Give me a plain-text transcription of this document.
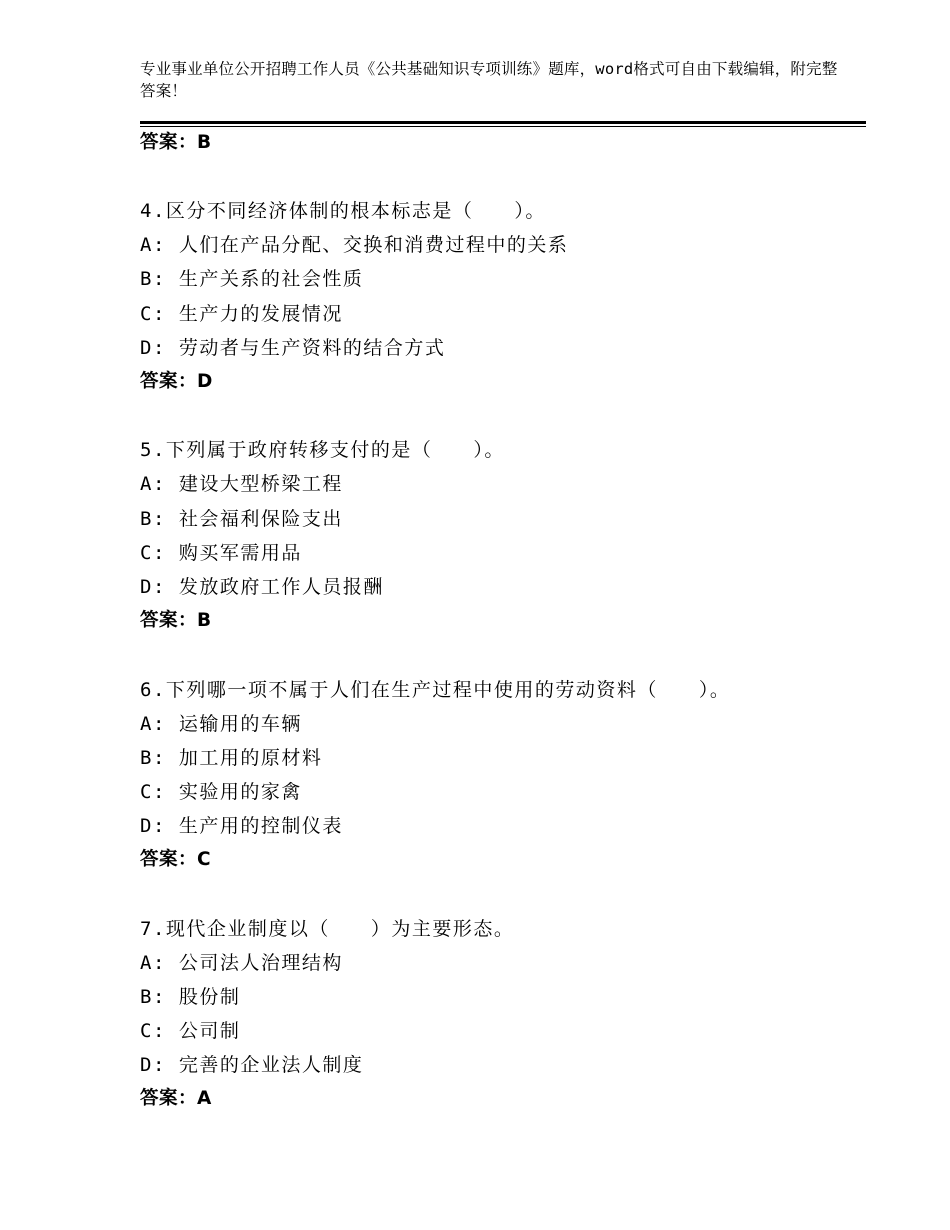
专业事业单位公开招聘工作人员《公共基础知识专项训练》题库，word格式可自由下载编辑，附完整答案！
答案：B
4.区分不同经济体制的根本标志是（　　）。
A: 人们在产品分配、交换和消费过程中的关系
B: 生产关系的社会性质
C: 生产力的发展情况
D: 劳动者与生产资料的结合方式
答案：D
5.下列属于政府转移支付的是（　　）。
A: 建设大型桥梁工程
B: 社会福利保险支出
C: 购买军需用品
D: 发放政府工作人员报酬
答案：B
6.下列哪一项不属于人们在生产过程中使用的劳动资料（　　）。
A: 运输用的车辆
B: 加工用的原材料
C: 实验用的家禽
D: 生产用的控制仪表
答案：C
7.现代企业制度以（　　）为主要形态。
A: 公司法人治理结构
B: 股份制
C: 公司制
D: 完善的企业法人制度
答案：A
